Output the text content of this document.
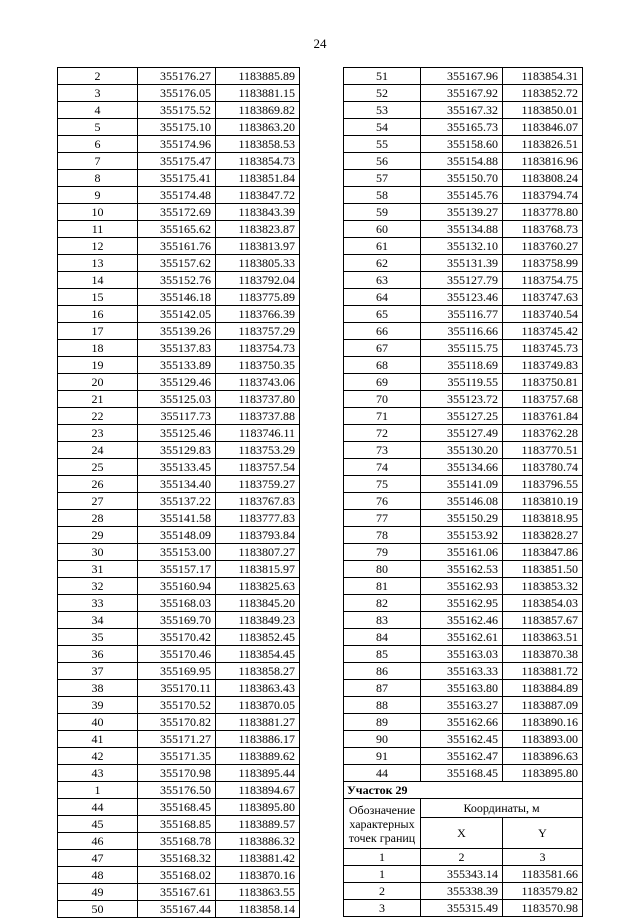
24
2	355176.27	1183885.89
3	355176.05	1183881.15
4	355175.52	1183869.82
5	355175.10	1183863.20
6	355174.96	1183858.53
7	355175.47	1183854.73
8	355175.41	1183851.84
9	355174.48	1183847.72
10	355172.69	1183843.39
11	355165.62	1183823.87
12	355161.76	1183813.97
13	355157.62	1183805.33
14	355152.76	1183792.04
15	355146.18	1183775.89
16	355142.05	1183766.39
17	355139.26	1183757.29
18	355137.83	1183754.73
19	355133.89	1183750.35
20	355129.46	1183743.06
21	355125.03	1183737.80
22	355117.73	1183737.88
23	355125.46	1183746.11
24	355129.83	1183753.29
25	355133.45	1183757.54
26	355134.40	1183759.27
27	355137.22	1183767.83
28	355141.58	1183777.83
29	355148.09	1183793.84
30	355153.00	1183807.27
31	355157.17	1183815.97
32	355160.94	1183825.63
33	355168.03	1183845.20
34	355169.70	1183849.23
35	355170.42	1183852.45
36	355170.46	1183854.45
37	355169.95	1183858.27
38	355170.11	1183863.43
39	355170.52	1183870.05
40	355170.82	1183881.27
41	355171.27	1183886.17
42	355171.35	1183889.62
43	355170.98	1183895.44
1	355176.50	1183894.67
44	355168.45	1183895.80
45	355168.85	1183889.57
46	355168.78	1183886.32
47	355168.32	1183881.42
48	355168.02	1183870.16
49	355167.61	1183863.55
50	355167.44	1183858.14
51	355167.96	1183854.31
52	355167.92	1183852.72
53	355167.32	1183850.01
54	355165.73	1183846.07
55	355158.60	1183826.51
56	355154.88	1183816.96
57	355150.70	1183808.24
58	355145.76	1183794.74
59	355139.27	1183778.80
60	355134.88	1183768.73
61	355132.10	1183760.27
62	355131.39	1183758.99
63	355127.79	1183754.75
64	355123.46	1183747.63
65	355116.77	1183740.54
66	355116.66	1183745.42
67	355115.75	1183745.73
68	355118.69	1183749.83
69	355119.55	1183750.81
70	355123.72	1183757.68
71	355127.25	1183761.84
72	355127.49	1183762.28
73	355130.20	1183770.51
74	355134.66	1183780.74
75	355141.09	1183796.55
76	355146.08	1183810.19
77	355150.29	1183818.95
78	355153.92	1183828.27
79	355161.06	1183847.86
80	355162.53	1183851.50
81	355162.93	1183853.32
82	355162.95	1183854.03
83	355162.46	1183857.67
84	355162.61	1183863.51
85	355163.03	1183870.38
86	355163.33	1183881.72
87	355163.80	1183884.89
88	355163.27	1183887.09
89	355162.66	1183890.16
90	355162.45	1183893.00
91	355162.47	1183896.63
44	355168.45	1183895.80
Участок 29		
Обозначение характерных точек границ	Координаты, м	
	X	Y
1	2	3
1	355343.14	1183581.66
2	355338.39	1183579.82
3	355315.49	1183570.98
